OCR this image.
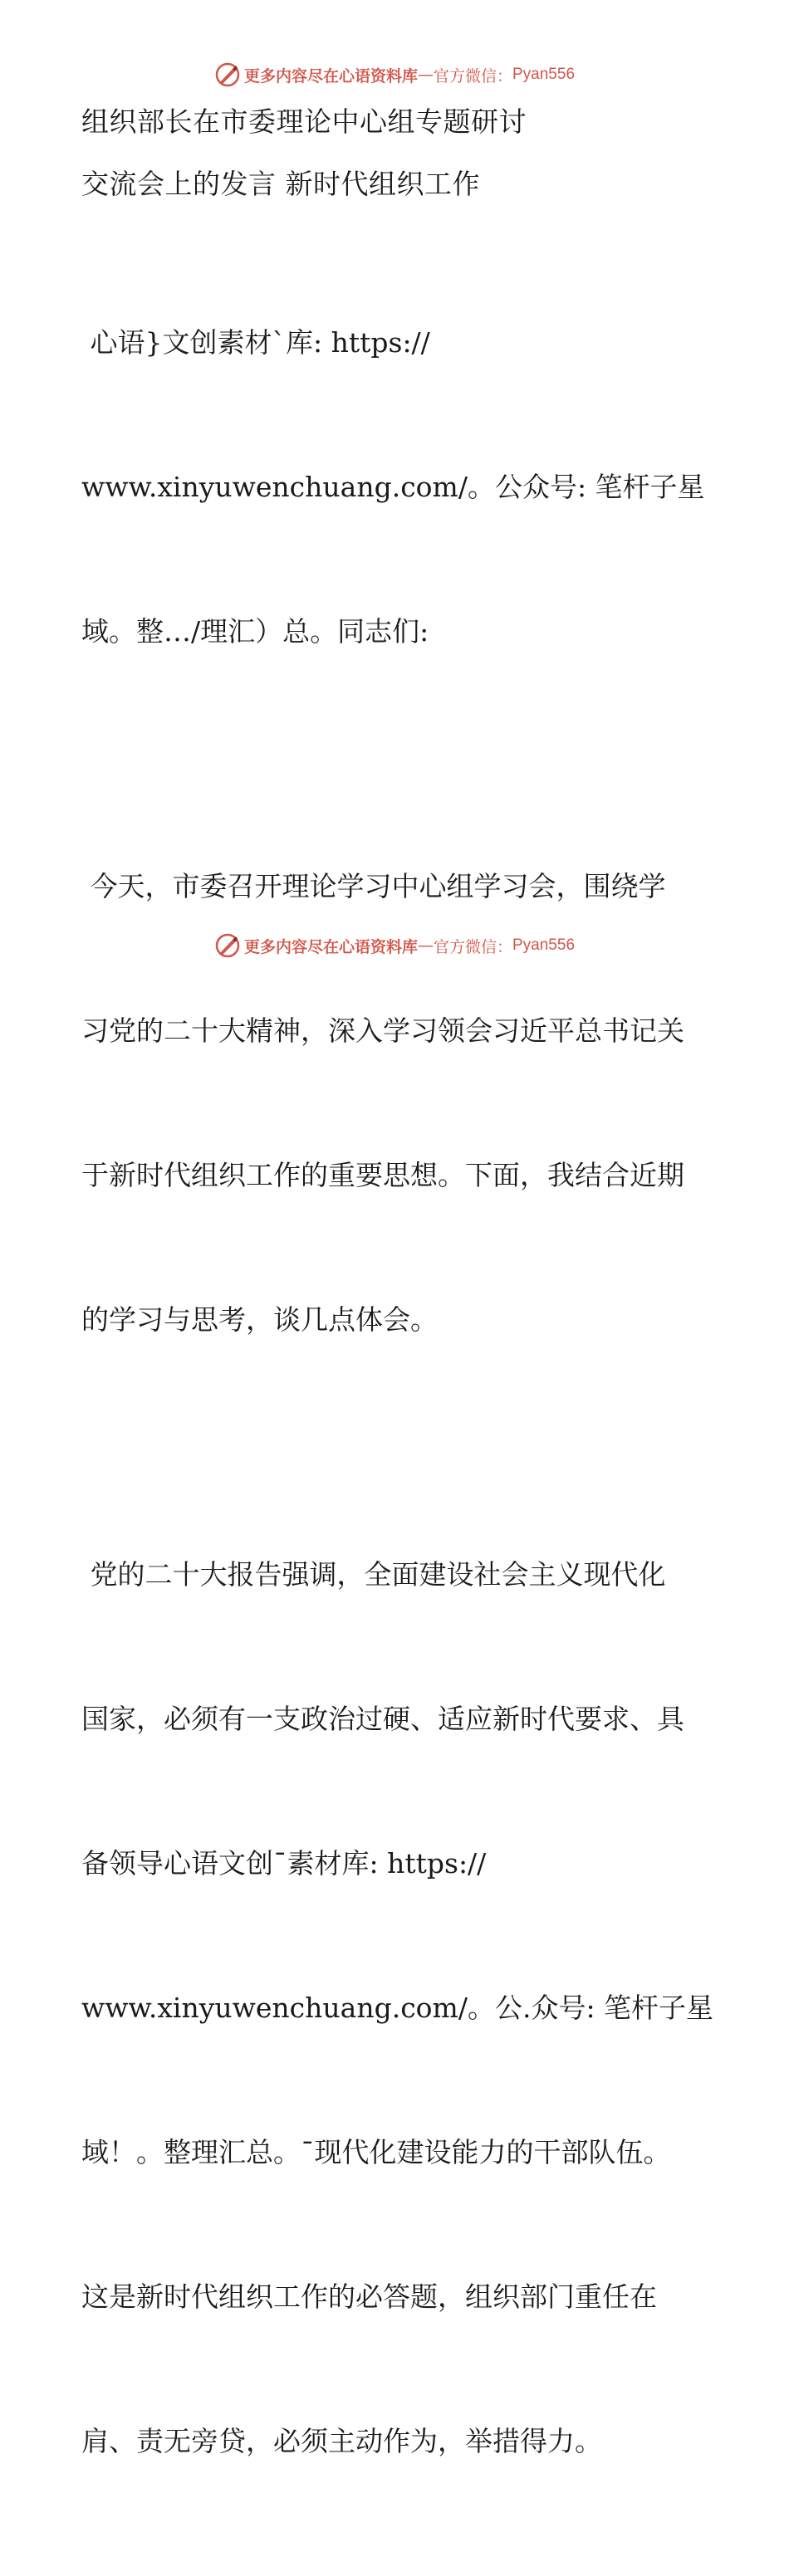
更多内容尽在心语资料库 — 官方微信： Pyan556
组织部长在市委理论中心组专题研讨
交流会上的发言 新时代组织工作

心语}文创素材`库: https://

www.xinyuwenchuang.com/。公众号: 笔杆子星

域。整…/理汇）总。同志们:

今天，市委召开理论学习中心组学习会，围绕学

习党的二十大精神，深入学习领会习近平总书记关

于新时代组织工作的重要思想。下面，我结合近期

的学习与思考，谈几点体会。

党的二十大报告强调，全面建设社会主义现代化

国家，必须有一支政治过硬、适应新时代要求、具

备领导心语文创¯素材库: https://

www.xinyuwenchuang.com/。公.众号: 笔杆子星

域！。整理汇总。¯现代化建设能力的干部队伍。

这是新时代组织工作的必答题，组织部门重任在

肩、责无旁贷，必须主动作为，举措得力。

更多内容尽在心语资料库 — 官方微信： Pyan556
